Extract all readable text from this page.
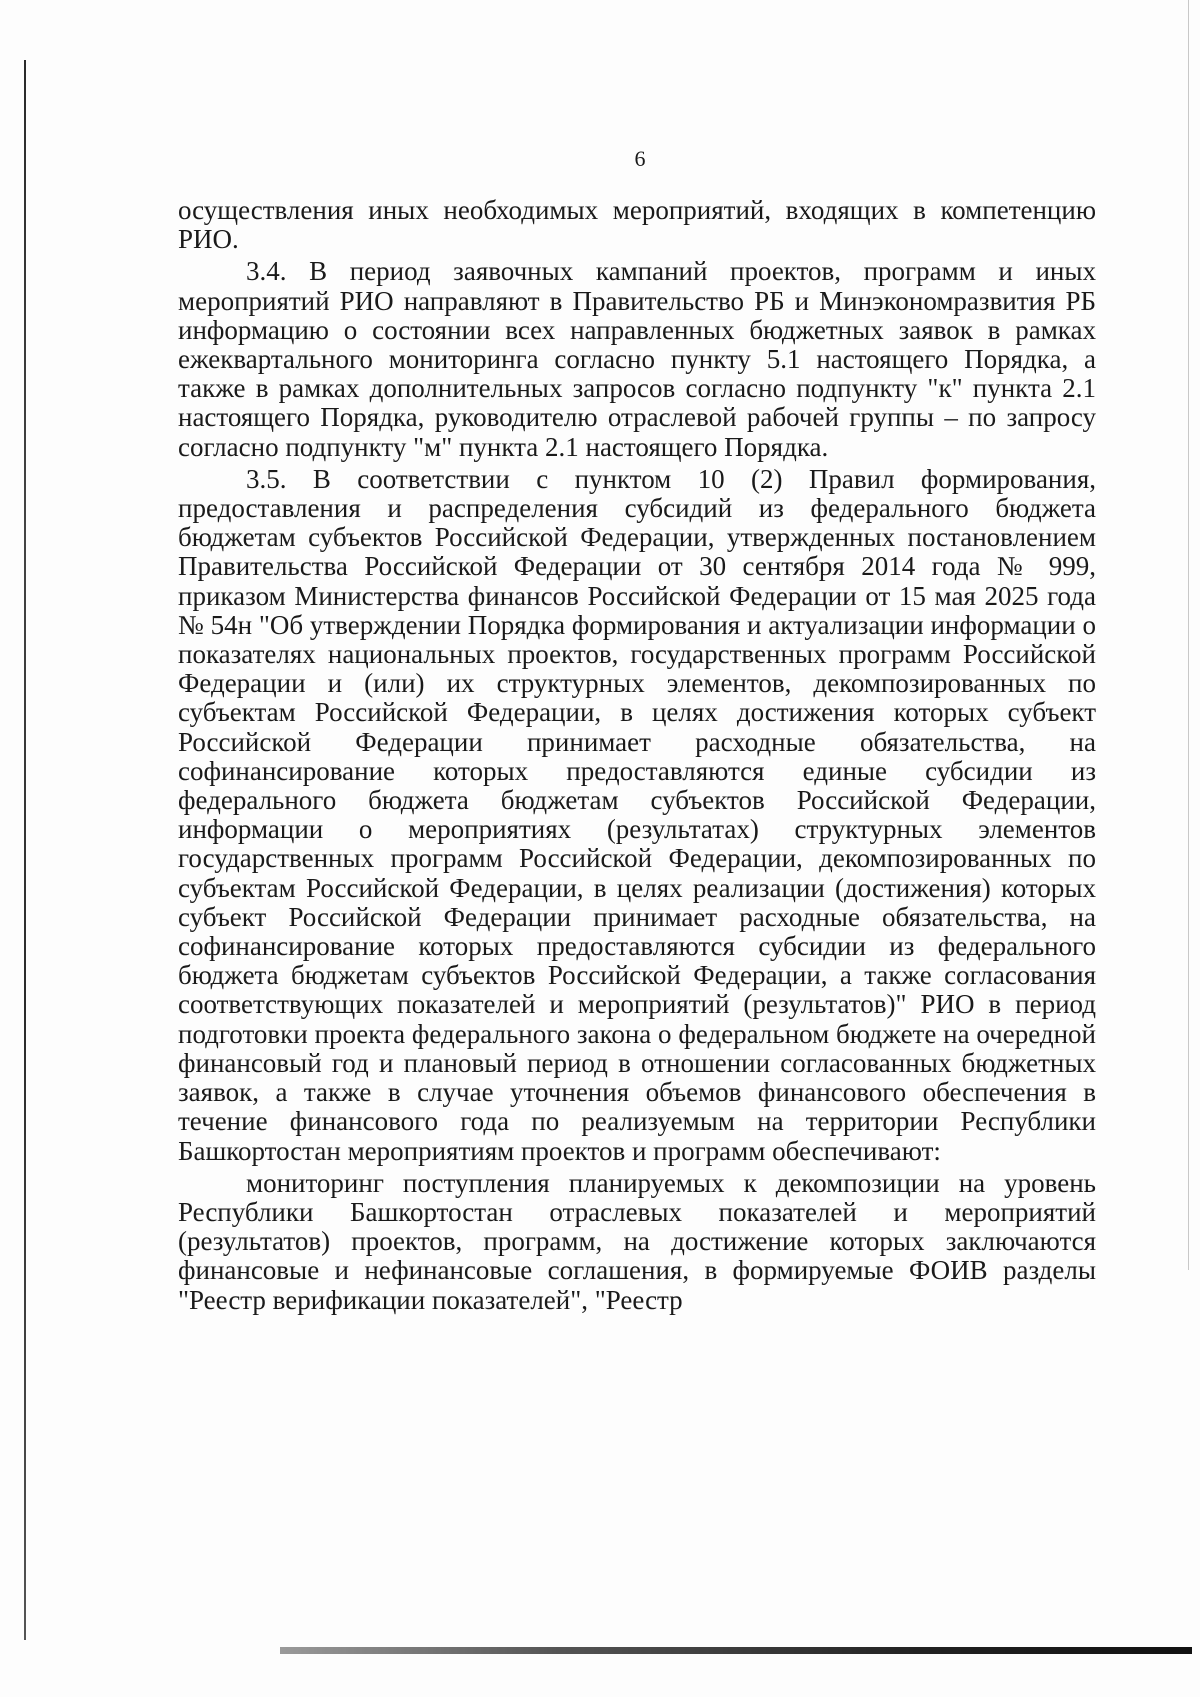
6

осуществления иных необходимых мероприятий, входящих в компетенцию РИО.

3.4. В период заявочных кампаний проектов, программ и иных мероприятий РИО направляют в Правительство РБ и Минэкономразвития РБ информацию о состоянии всех направленных бюджетных заявок в рамках ежеквартального мониторинга согласно пункту 5.1 настоящего Порядка, а также в рамках дополнительных запросов согласно подпункту "к" пункта 2.1 настоящего Порядка, руководителю отраслевой рабочей группы – по запросу согласно подпункту "м" пункта 2.1 настоящего Порядка.

3.5. В соответствии с пунктом 10 (2) Правил формирования, предоставления и распределения субсидий из федерального бюджета бюджетам субъектов Российской Федерации, утвержденных постановлением Правительства Российской Федерации от 30 сентября 2014 года № 999, приказом Министерства финансов Российской Федерации от 15 мая 2025 года № 54н "Об утверждении Порядка формирования и актуализации информации о показателях национальных проектов, государственных программ Российской Федерации и (или) их структурных элементов, декомпозированных по субъектам Российской Федерации, в целях достижения которых субъект Российской Федерации принимает расходные обязательства, на софинансирование которых предоставляются единые субсидии из федерального бюджета бюджетам субъектов Российской Федерации, информации о мероприятиях (результатах) структурных элементов государственных программ Российской Федерации, декомпозированных по субъектам Российской Федерации, в целях реализации (достижения) которых субъект Российской Федерации принимает расходные обязательства, на софинансирование которых предоставляются субсидии из федерального бюджета бюджетам субъектов Российской Федерации, а также согласования соответствующих показателей и мероприятий (результатов)" РИО в период подготовки проекта федерального закона о федеральном бюджете на очередной финансовый год и плановый период в отношении согласованных бюджетных заявок, а также в случае уточнения объемов финансового обеспечения в течение финансового года по реализуемым на территории Республики Башкортостан мероприятиям проектов и программ обеспечивают:

мониторинг поступления планируемых к декомпозиции на уровень Республики Башкортостан отраслевых показателей и мероприятий (результатов) проектов, программ, на достижение которых заключаются финансовые и нефинансовые соглашения, в формируемые ФОИВ разделы "Реестр верификации показателей", "Реестр
